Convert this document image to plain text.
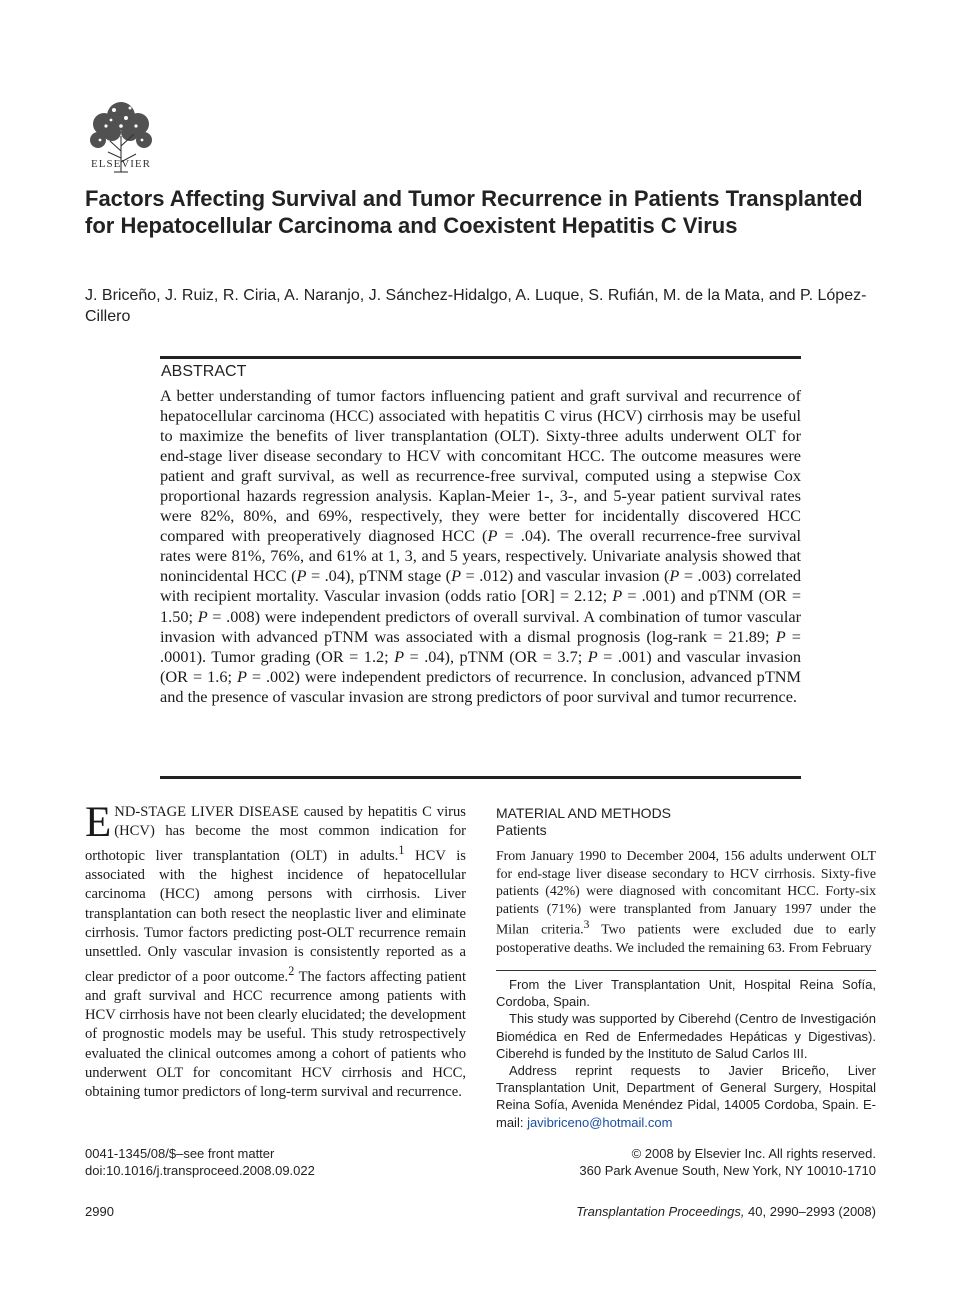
ELSEVIER
Factors Affecting Survival and Tumor Recurrence in Patients Transplanted for Hepatocellular Carcinoma and Coexistent Hepatitis C Virus
J. Briceño, J. Ruiz, R. Ciria, A. Naranjo, J. Sánchez-Hidalgo, A. Luque, S. Rufián, M. de la Mata, and P. López-Cillero
ABSTRACT

A better understanding of tumor factors influencing patient and graft survival and recurrence of hepatocellular carcinoma (HCC) associated with hepatitis C virus (HCV) cirrhosis may be useful to maximize the benefits of liver transplantation (OLT). Sixty-three adults underwent OLT for end-stage liver disease secondary to HCV with concomitant HCC. The outcome measures were patient and graft survival, as well as recurrence-free survival, computed using a stepwise Cox proportional hazards regression analysis. Kaplan-Meier 1-, 3-, and 5-year patient survival rates were 82%, 80%, and 69%, respectively, they were better for incidentally discovered HCC compared with preoperatively diagnosed HCC (P = .04). The overall recurrence-free survival rates were 81%, 76%, and 61% at 1, 3, and 5 years, respectively. Univariate analysis showed that nonincidental HCC (P = .04), pTNM stage (P = .012) and vascular invasion (P = .003) correlated with recipient mortality. Vascular invasion (odds ratio [OR] = 2.12; P = .001) and pTNM (OR = 1.50; P = .008) were independent predictors of overall survival. A combination of tumor vascular invasion with advanced pTNM was associated with a dismal prognosis (log-rank = 21.89; P = .0001). Tumor grading (OR = 1.2; P = .04), pTNM (OR = 3.7; P = .001) and vascular invasion (OR = 1.6; P = .002) were independent predictors of recurrence. In conclusion, advanced pTNM and the presence of vascular invasion are strong predictors of poor survival and tumor recurrence.

END-STAGE LIVER DISEASE caused by hepatitis C virus (HCV) has become the most common indication for orthotopic liver transplantation (OLT) in adults.$^1$ HCV is associated with the highest incidence of hepatocellular carcinoma (HCC) among persons with cirrhosis. Liver transplantation can both resect the neoplastic liver and eliminate cirrhosis. Tumor factors predicting post-OLT recurrence remain unsettled. Only vascular invasion is consistently reported as a clear predictor of a poor outcome.$^2$ The factors affecting patient and graft survival and HCC recurrence among patients with HCV cirrhosis have not been clearly elucidated; the development of prognostic models may be useful. This study retrospectively evaluated the clinical outcomes among a cohort of patients who underwent OLT for concomitant HCV cirrhosis and HCC, obtaining tumor predictors of long-term survival and recurrence.

MATERIAL AND METHODS
Patients

From January 1990 to December 2004, 156 adults underwent OLT for end-stage liver disease secondary to HCV cirrhosis. Sixty-five patients (42%) were diagnosed with concomitant HCC. Forty-six patients (71%) were transplanted from January 1997 under the Milan criteria.$^3$ Two patients were excluded due to early postoperative deaths. We included the remaining 63. From February

From the Liver Transplantation Unit, Hospital Reina Sofía, Cordoba, Spain.

This study was supported by Ciberehd (Centro de Investigación Biomédica en Red de Enfermedades Hepáticas y Digestivas). Ciberehd is funded by the Instituto de Salud Carlos III.

Address reprint requests to Javier Briceño, Liver Transplantation Unit, Department of General Surgery, Hospital Reina Sofía, Avenida Menéndez Pidal, 14005 Cordoba, Spain. E-mail: javibriceno@hotmail.com

0041-1345/08/$–see front matter
doi:10.1016/j.transproceed.2008.09.022
© 2008 by Elsevier Inc. All rights reserved.
360 Park Avenue South, New York, NY 10010-1710
2990	Transplantation Proceedings, 40, 2990–2993 (2008)
